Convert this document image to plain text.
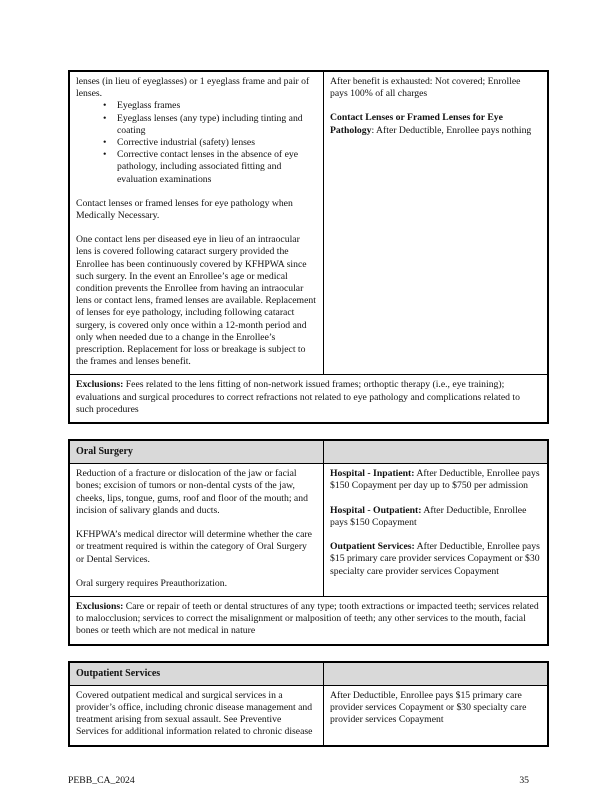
lenses (in lieu of eyeglasses) or 1 eyeglass frame and pair of lenses.

• Eyeglass frames
• Eyeglass lenses (any type) including tinting and coating
• Corrective industrial (safety) lenses
• Corrective contact lenses in the absence of eye pathology, including associated fitting and evaluation examinations

Contact lenses or framed lenses for eye pathology when Medically Necessary.

One contact lens per diseased eye in lieu of an intraocular lens is covered following cataract surgery provided the Enrollee has been continuously covered by KFHPWA since such surgery. In the event an Enrollee’s age or medical condition prevents the Enrollee from having an intraocular lens or contact lens, framed lenses are available. Replacement of lenses for eye pathology, including following cataract surgery, is covered only once within a 12-month period and only when needed due to a change in the Enrollee’s prescription. Replacement for loss or breakage is subject to the frames and lenses benefit.

After benefit is exhausted: Not covered; Enrollee pays 100% of all charges

Contact Lenses or Framed Lenses for Eye Pathology: After Deductible, Enrollee pays nothing

Exclusions: Fees related to the lens fitting of non-network issued frames; orthoptic therapy (i.e., eye training); evaluations and surgical procedures to correct refractions not related to eye pathology and complications related to such procedures

Oral Surgery

Reduction of a fracture or dislocation of the jaw or facial bones; excision of tumors or non-dental cysts of the jaw, cheeks, lips, tongue, gums, roof and floor of the mouth; and incision of salivary glands and ducts.

KFHPWA’s medical director will determine whether the care or treatment required is within the category of Oral Surgery or Dental Services.

Oral surgery requires Preauthorization.

Hospital - Inpatient: After Deductible, Enrollee pays $150 Copayment per day up to $750 per admission

Hospital - Outpatient: After Deductible, Enrollee pays $150 Copayment

Outpatient Services: After Deductible, Enrollee pays $15 primary care provider services Copayment or $30 specialty care provider services Copayment

Exclusions: Care or repair of teeth or dental structures of any type; tooth extractions or impacted teeth; services related to malocclusion; services to correct the misalignment or malposition of teeth; any other services to the mouth, facial bones or teeth which are not medical in nature

Outpatient Services

Covered outpatient medical and surgical services in a provider’s office, including chronic disease management and treatment arising from sexual assault. See Preventive Services for additional information related to chronic disease

After Deductible, Enrollee pays $15 primary care provider services Copayment or $30 specialty care provider services Copayment

PEBB_CA_2024	35
